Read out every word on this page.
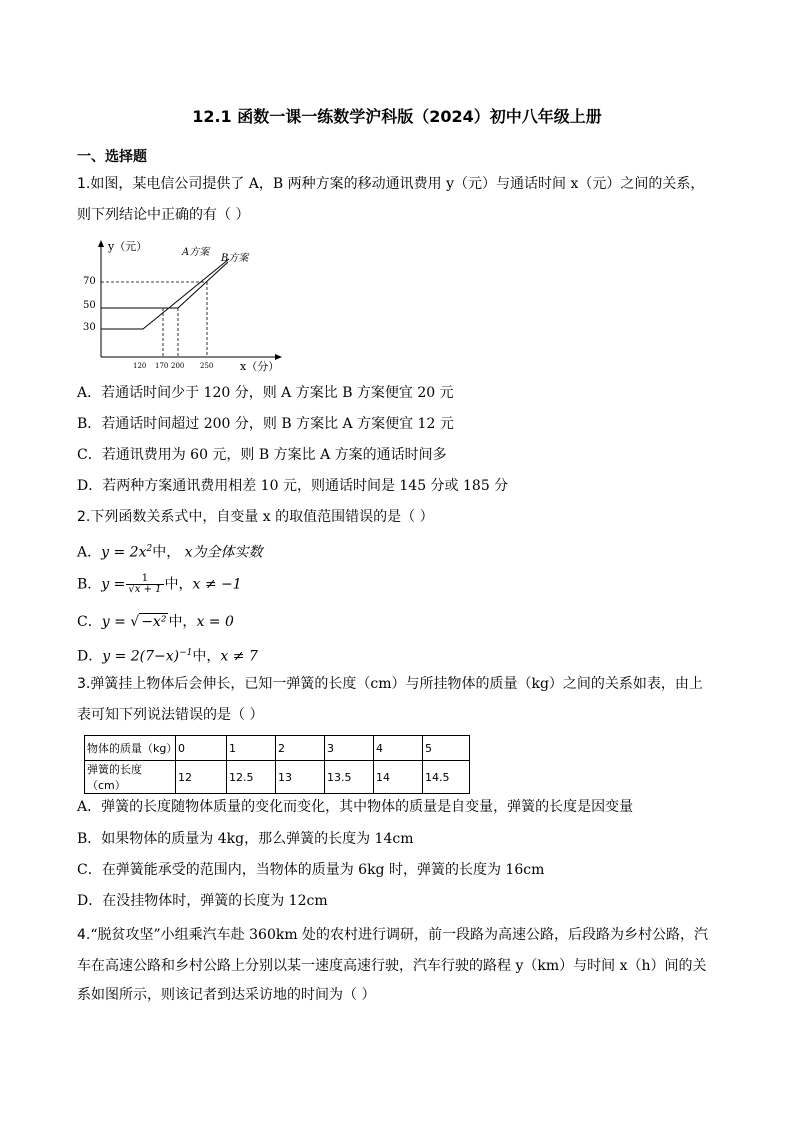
12.1 函数一课一练数学沪科版（2024）初中八年级上册
一、选择题
1.如图，某电信公司提供了 A，B 两种方案的移动通讯费用 y（元）与通话时间 x（元）之间的关系，
则下列结论中正确的有（ ）
y（元）
x（分）
70
50
30
120 170 200 250
A方案
B方案
A．若通话时间少于 120 分，则 A 方案比 B 方案便宜 20 元
B．若通话时间超过 200 分，则 B 方案比 A 方案便宜 12 元
C．若通讯费用为 60 元，则 B 方案比 A 方案的通话时间多
D．若两种方案通讯费用相差 10 元，则通话时间是 145 分或 185 分
2.下列函数关系式中，自变量 x 的取值范围错误的是（ ）
A．$y = 2x^2$中， x为全体实数
B．$y = \frac{1}{√x + 1}$ 中，x ≠ −1
C．y = √ −x² 中，x = 0
D．$y = 2(7-x)^{-1}$中，x ≠ 7
3.弹簧挂上物体后会伸长，已知一弹簧的长度（cm）与所挂物体的质量（kg）之间的关系如表，由上
表可知下列说法错误的是（ ）
物体的质量（kg）	0	1	2	3	4	5
弹簧的长度（cm）	12	12.5	13	13.5	14	14.5
A．弹簧的长度随物体质量的变化而变化，其中物体的质量是自变量，弹簧的长度是因变量
B．如果物体的质量为 4kg，那么弹簧的长度为 14cm
C．在弹簧能承受的范围内，当物体的质量为 6kg 时，弹簧的长度为 16cm
D．在没挂物体时，弹簧的长度为 12cm
4.“脱贫攻坚”小组乘汽车赴 360km 处的农村进行调研，前一段路为高速公路，后段路为乡村公路，汽
车在高速公路和乡村公路上分别以某一速度高速行驶，汽车行驶的路程 y（km）与时间 x（h）间的关
系如图所示，则该记者到达采访地的时间为（ ）
